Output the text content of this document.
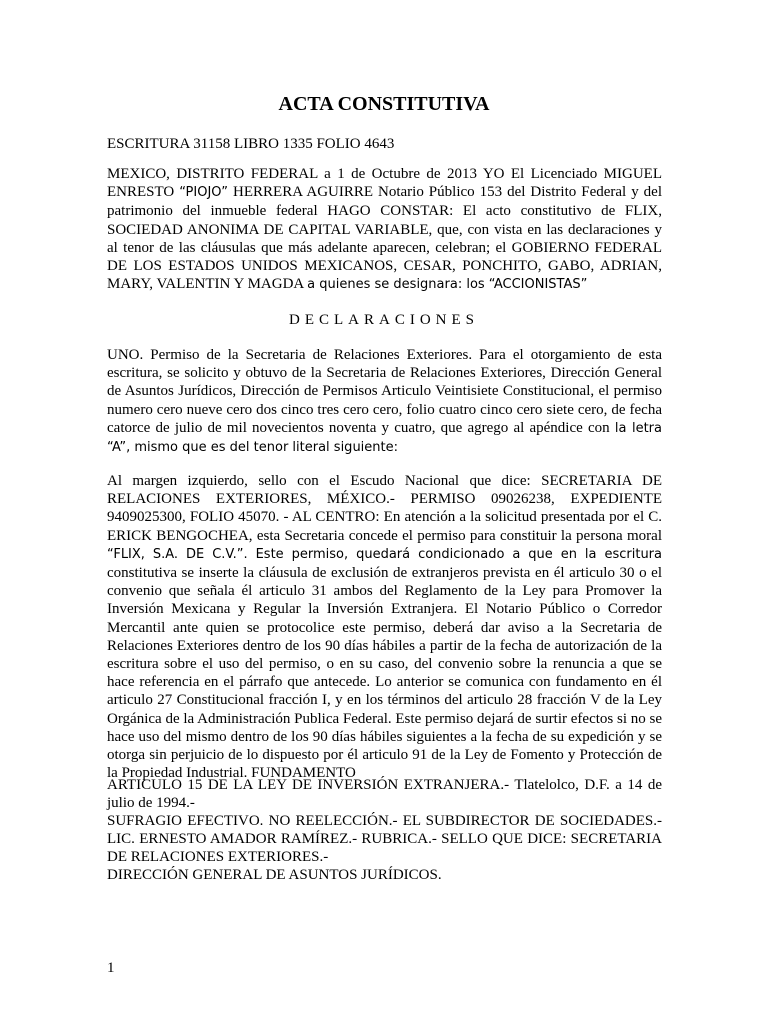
ACTA CONSTITUTIVA
ESCRITURA 31158 LIBRO 1335 FOLIO 4643
MEXICO, DISTRITO FEDERAL a 1 de Octubre de 2013 YO El Licenciado MIGUEL ENRESTO “PIOJO” HERRERA AGUIRRE Notario Público 153 del Distrito Federal y del patrimonio del inmueble federal HAGO CONSTAR: El acto constitutivo de FLIX, SOCIEDAD ANONIMA DE CAPITAL VARIABLE, que, con vista en las declaraciones y al tenor de las cláusulas que más adelante aparecen, celebran; el GOBIERNO FEDERAL DE LOS ESTADOS UNIDOS MEXICANOS, CESAR, PONCHITO, GABO, ADRIAN, MARY, VALENTIN Y MAGDA a quienes se designara: los “ACCIONISTAS”
DECLARACIONES
UNO. Permiso de la Secretaria de Relaciones Exteriores. Para el otorgamiento de esta escritura, se solicito y obtuvo de la Secretaria de Relaciones Exteriores, Dirección General de Asuntos Jurídicos, Dirección de Permisos Articulo Veintisiete Constitucional, el permiso numero cero nueve cero dos cinco tres cero cero, folio cuatro cinco cero siete cero, de fecha catorce de julio de mil novecientos noventa y cuatro, que agrego al apéndice con la letra “A”, mismo que es del tenor literal siguiente:
Al margen izquierdo, sello con el Escudo Nacional que dice: SECRETARIA DE RELACIONES EXTERIORES, MÉXICO.- PERMISO 09026238, EXPEDIENTE 9409025300, FOLIO 45070. - AL CENTRO: En atención a la solicitud presentada por el C. ERICK BENGOCHEA, esta Secretaria concede el permiso para constituir la persona moral “FLIX, S.A. DE C.V.”. Este permiso, quedará condicionado a que en la escritura constitutiva se inserte la cláusula de exclusión de extranjeros prevista en él articulo 30 o el convenio que señala él articulo 31 ambos del Reglamento de la Ley para Promover la Inversión Mexicana y Regular la Inversión Extranjera. El Notario Público o Corredor Mercantil ante quien se protocolice este permiso, deberá dar aviso a la Secretaria de Relaciones Exteriores dentro de los 90 días hábiles a partir de la fecha de autorización de la escritura sobre el uso del permiso, o en su caso, del convenio sobre la renuncia a que se hace referencia en el párrafo que antecede. Lo anterior se comunica con fundamento en él articulo 27 Constitucional fracción I, y en los términos del articulo 28 fracción V de la Ley Orgánica de la Administración Publica Federal. Este permiso dejará de surtir efectos si no se hace uso del mismo dentro de los 90 días hábiles siguientes a la fecha de su expedición y se otorga sin perjuicio de lo dispuesto por él articulo 91 de la Ley de Fomento y Protección de la Propiedad Industrial. FUNDAMENTO
ARTICULO 15 DE LA LEY DE INVERSIÓN EXTRANJERA.- Tlatelolco, D.F. a 14 de julio de 1994.-
SUFRAGIO EFECTIVO. NO REELECCIÓN.- EL SUBDIRECTOR DE SOCIEDADES.- LIC. ERNESTO AMADOR RAMÍREZ.- RUBRICA.- SELLO QUE DICE: SECRETARIA DE RELACIONES EXTERIORES.-
DIRECCIÓN GENERAL DE ASUNTOS JURÍDICOS.
1
